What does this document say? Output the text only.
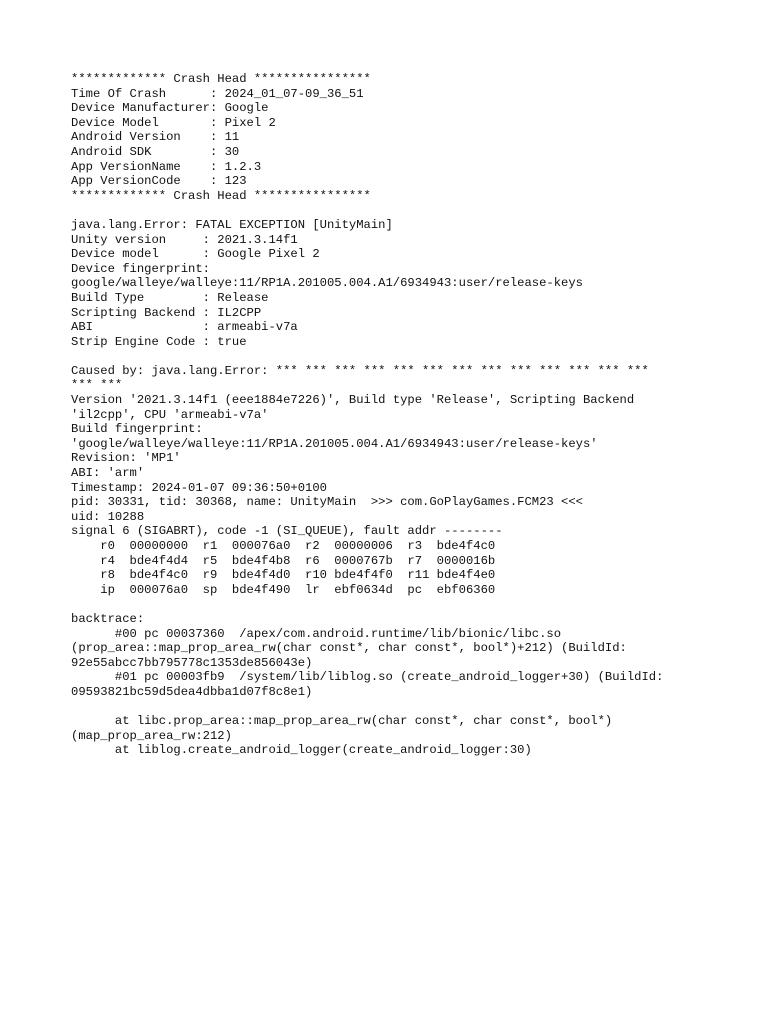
************* Crash Head ****************
Time Of Crash      : 2024_01_07-09_36_51
Device Manufacturer: Google
Device Model       : Pixel 2
Android Version    : 11
Android SDK        : 30
App VersionName    : 1.2.3
App VersionCode    : 123
************* Crash Head ****************
java.lang.Error: FATAL EXCEPTION [UnityMain]
Unity version     : 2021.3.14f1
Device model      : Google Pixel 2
Device fingerprint:
google/walleye/walleye:11/RP1A.201005.004.A1/6934943:user/release-keys
Build Type        : Release
Scripting Backend : IL2CPP
ABI               : armeabi-v7a
Strip Engine Code : true
Caused by: java.lang.Error: *** *** *** *** *** *** *** *** *** *** *** *** ***
*** ***
Version '2021.3.14f1 (eee1884e7226)', Build type 'Release', Scripting Backend
'il2cpp', CPU 'armeabi-v7a'
Build fingerprint:
'google/walleye/walleye:11/RP1A.201005.004.A1/6934943:user/release-keys'
Revision: 'MP1'
ABI: 'arm'
Timestamp: 2024-01-07 09:36:50+0100
pid: 30331, tid: 30368, name: UnityMain  >>> com.GoPlayGames.FCM23 <<<
uid: 10288
signal 6 (SIGABRT), code -1 (SI_QUEUE), fault addr --------
r0  00000000  r1  000076a0  r2  00000006  r3  bde4f4c0
r4  bde4f4d4  r5  bde4f4b8  r6  0000767b  r7  0000016b
r8  bde4f4c0  r9  bde4f4d0  r10 bde4f4f0  r11 bde4f4e0
ip  000076a0  sp  bde4f490  lr  ebf0634d  pc  ebf06360
backtrace:
#00 pc 00037360  /apex/com.android.runtime/lib/bionic/libc.so
(prop_area::map_prop_area_rw(char const*, char const*, bool*)+212) (BuildId:
92e55abcc7bb795778c1353de856043e)
#01 pc 00003fb9  /system/lib/liblog.so (create_android_logger+30) (BuildId:
09593821bc59d5dea4dbba1d07f8c8e1)
at libc.prop_area::map_prop_area_rw(char const*, char const*, bool*)
(map_prop_area_rw:212)
at liblog.create_android_logger(create_android_logger:30)
